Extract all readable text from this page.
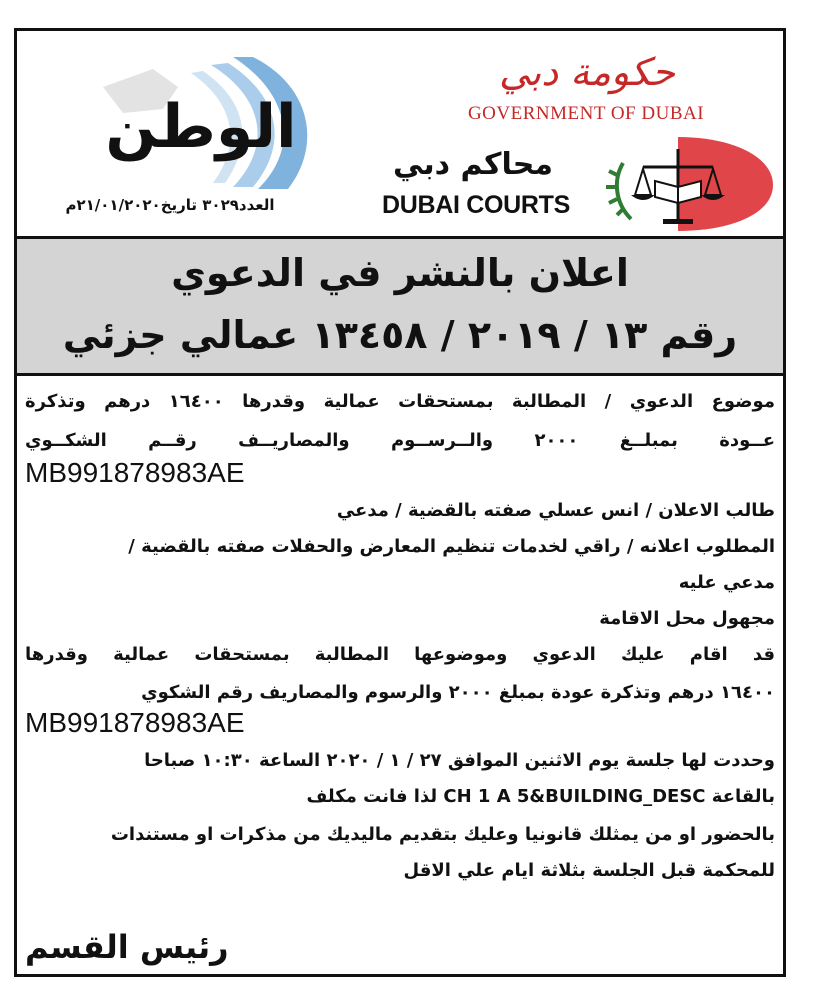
الوطن
العدد٣٠٢٩ تاريخ٢١/٠١/٢٠٢٠م
حكومة دبي
GOVERNMENT OF DUBAI
محاكم دبي
DUBAI COURTS
اعلان بالنشر في الدعوي
رقم ١٣ / ٢٠١٩ / ١٣٤٥٨ عمالي جزئي
موضوع الدعوي / المطالبة بمستحقات عمالية وقدرها ١٦٤٠٠ درهم وتذكرة
عــودة بمبلــغ ٢٠٠٠ والــرســوم والمصاريــف رقــم الشكــوي
MB991878983AE
طالب الاعلان / انس عسلي صفته بالقضية / مدعي
المطلوب اعلانه / راقي لخدمات تنظيم المعارض والحفلات صفته بالقضية /
مدعي عليه
مجهول محل الاقامة
قد اقام عليك الدعوي وموضوعها المطالبة بمستحقات عمالية وقدرها
١٦٤٠٠ درهم وتذكرة عودة بمبلغ ٢٠٠٠ والرسوم والمصاريف رقم الشكوي
MB991878983AE
وحددت لها جلسة يوم الاثنين الموافق ٢٧ / ١ / ٢٠٢٠ الساعة ١٠:٣٠ صباحا
بالقاعة CH 1 A 5&BUILDING_DESC لذا فانت مكلف
بالحضور او من يمثلك قانونيا وعليك بتقديم ماليديك من مذكرات او مستندات
للمحكمة قبل الجلسة بثلاثة ايام علي الاقل
رئيس القسم
